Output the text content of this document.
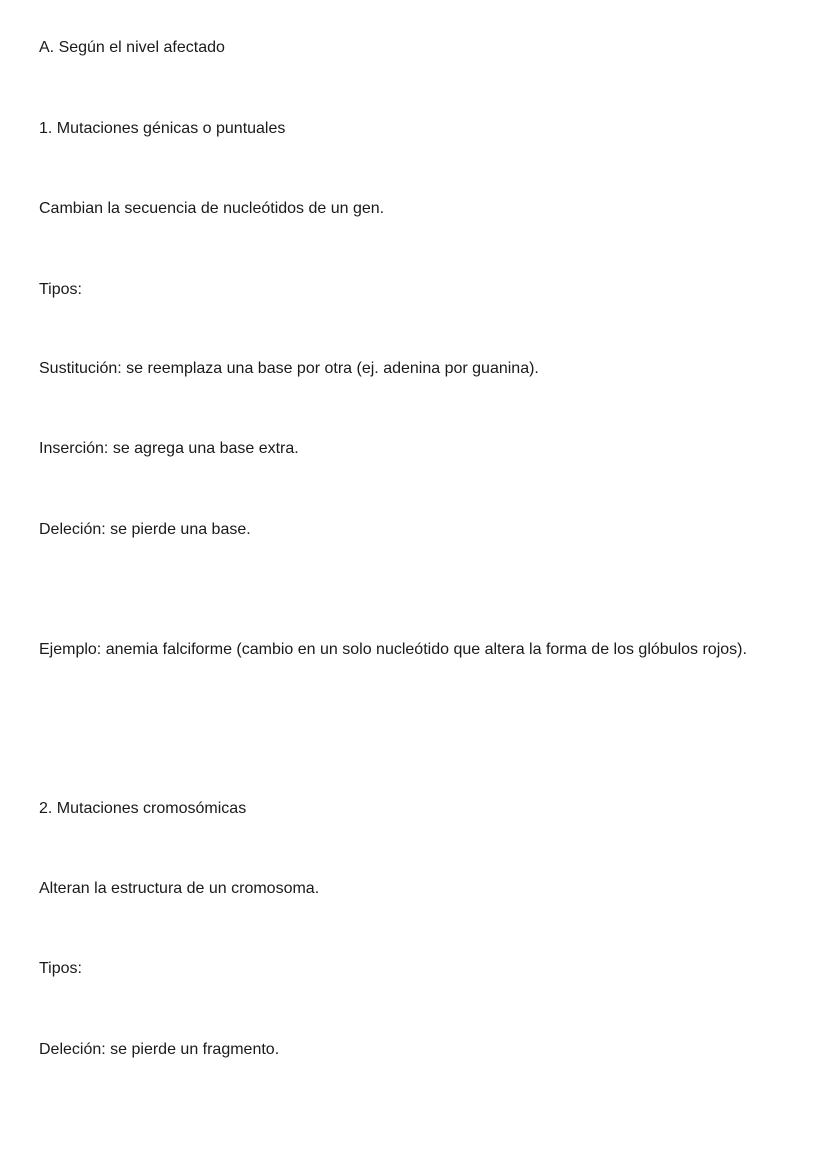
A. Según el nivel afectado

1. Mutaciones génicas o puntuales

Cambian la secuencia de nucleótidos de un gen.

Tipos:

Sustitución: se reemplaza una base por otra (ej. adenina por guanina).

Inserción: se agrega una base extra.

Deleción: se pierde una base.

Ejemplo: anemia falciforme (cambio en un solo nucleótido que altera la forma de los glóbulos rojos).

2. Mutaciones cromosómicas

Alteran la estructura de un cromosoma.

Tipos:

Deleción: se pierde un fragmento.
